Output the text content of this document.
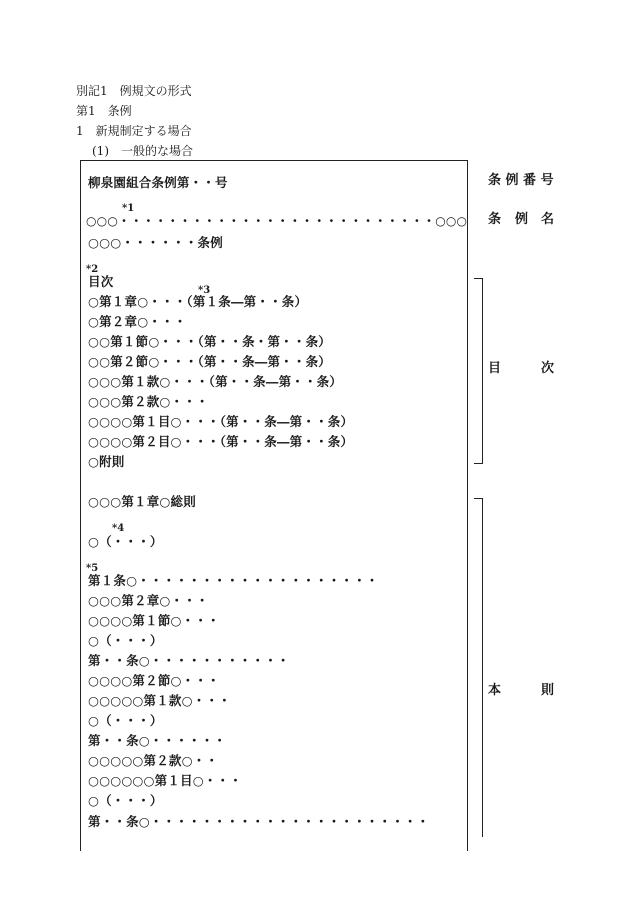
別記1　例規文の形式
第1　条例
1　新規制定する場合
(1)　一般的な場合
柳泉園組合条例第・・号
*1
○○○・・・・・・・・・・・・・・・・・・・・・・・・・・○○○
○○○・・・・・・条例
*2
目次
*3
○第１章○・・・（第１条―第・・条）
○第２章○・・・
○○第１節○・・・（第・・条・第・・条）
○○第２節○・・・（第・・条―第・・条）
○○○第１款○・・・（第・・条―第・・条）
○○○第２款○・・・
○○○○第１目○・・・（第・・条―第・・条）
○○○○第２目○・・・（第・・条―第・・条）
○附則
○○○第１章○総則
*4
○（・・・）
*5
第１条○・・・・・・・・・・・・・・・・・・・
○○○第２章○・・・
○○○○第１節○・・・
○（・・・）
第・・条○・・・・・・・・・・・
○○○○第２節○・・・
○○○○○第１款○・・・
○（・・・）
第・・条○・・・・・・
○○○○○第２款○・・
○○○○○○第１目○・・・
○（・・・）
第・・条○・・・・・・・・・・・・・・・・・・・・・・
条 例 番 号
条 例 名
目	次
本	則
